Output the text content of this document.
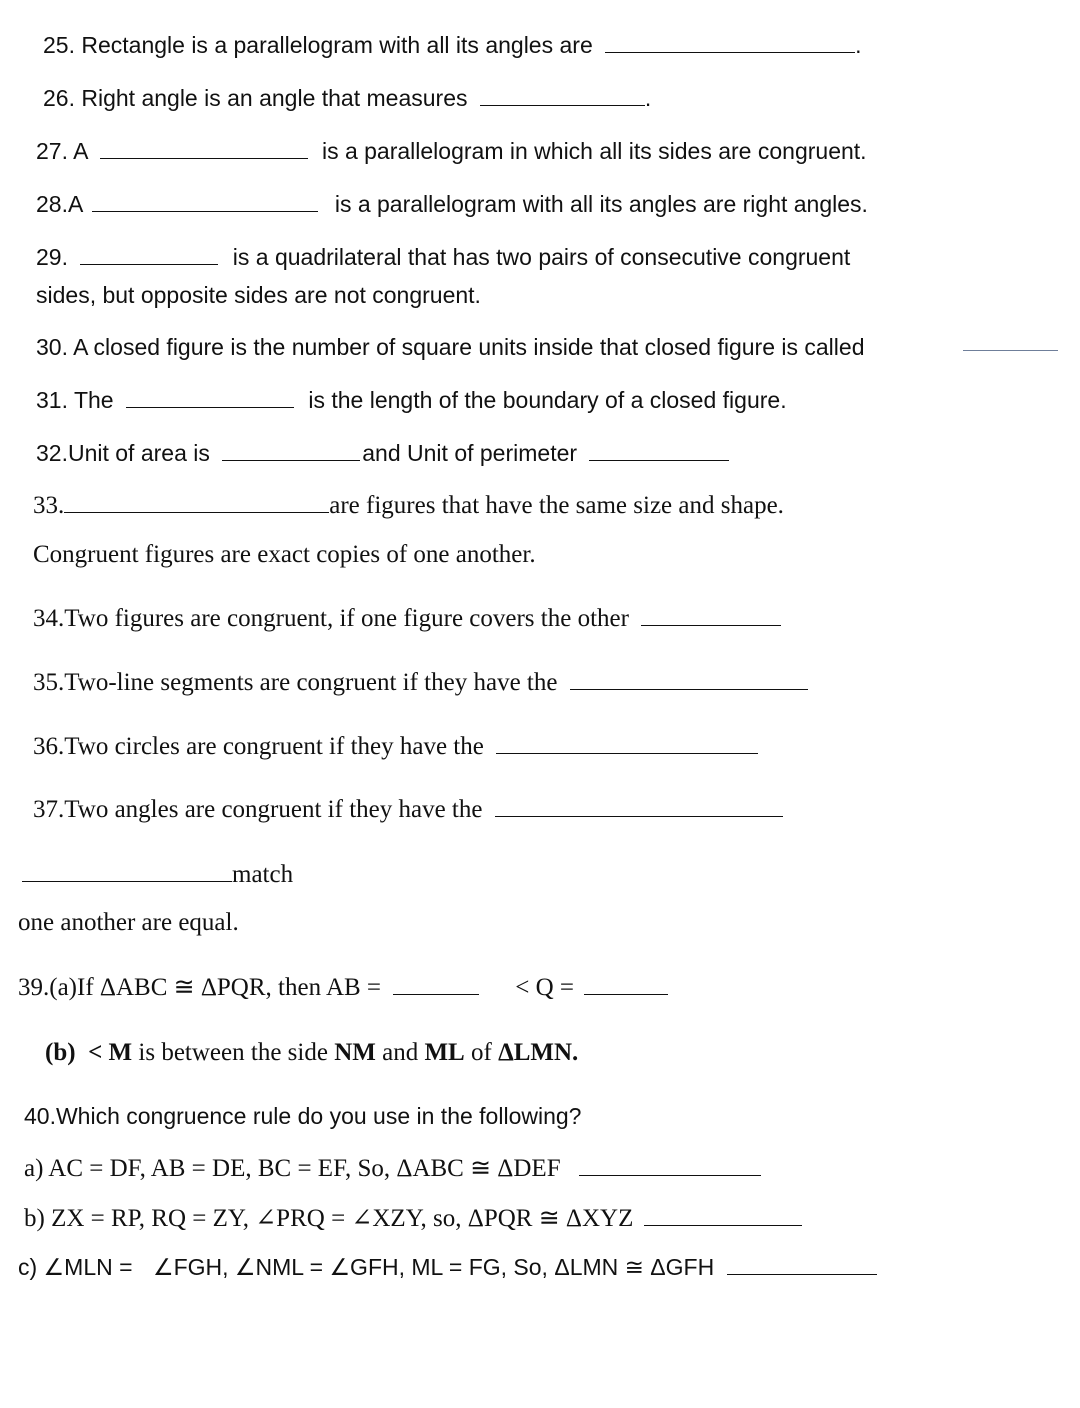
25. Rectangle is a parallelogram with all its angles are	.
26. Right angle is an angle that measures	.
27. A	is a parallelogram in which all its sides are congruent.
28.A	is a parallelogram with all its angles are right angles.
29.	is a quadrilateral that has two pairs of consecutive congruent
sides, but opposite sides are not congruent.
30. A closed figure is the number of square units inside that closed figure is called
31. The	is the length of the boundary of a closed figure.
32.Unit of area is	and Unit of perimeter
33.	are figures that have the same size and shape.
Congruent figures are exact copies of one another.
34.Two figures are congruent, if one figure covers the other
35.Two-line segments are congruent if they have the
36.Two circles are congruent if they have the
37.Two angles are congruent if they have the
match
one another are equal.
39.(a)If ΔABC ≅ ΔPQR, then AB =	< Q =
(b) < M is between the side NM and ML of ΔLMN.
40.Which congruence rule do you use in the following?
a) AC = DF, AB = DE, BC = EF, So, ΔABC ≅ ΔDEF
b) ZX = RP, RQ = ZY, ∠PRQ = ∠XZY, so, ΔPQR ≅ ΔXYZ
c) ∠MLN = ∠FGH, ∠NML = ∠GFH, ML = FG, So, ΔLMN ≅ ΔGFH
